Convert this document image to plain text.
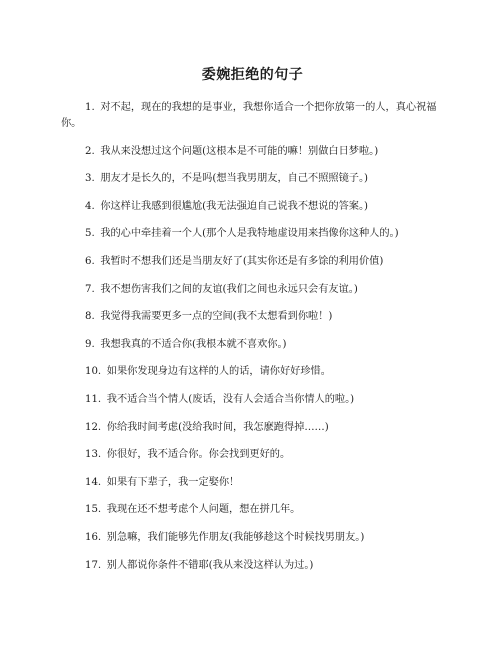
委婉拒绝的句子
1. 对不起，现在的我想的是事业，我想你适合一个把你放第一的人，真心祝福你。
2. 我从来没想过这个问题(这根本是不可能的嘛！别做白日梦啦。)
3. 朋友才是长久的，不是吗(想当我男朋友，自己不照照镜子。)
4. 你这样让我感到很尴尬(我无法强迫自己说我不想说的答案。)
5. 我的心中牵挂着一个人(那个人是我特地虚设用来挡像你这种人的。)
6. 我暂时不想我们还是当朋友好了(其实你还是有多馀的利用价值)
7. 我不想伤害我们之间的友谊(我们之间也永远只会有友谊。)
8. 我觉得我需要更多一点的空间(我不太想看到你啦！)
9. 我想我真的不适合你(我根本就不喜欢你。)
10. 如果你发现身边有这样的人的话，请你好好珍惜。
11. 我不适合当个情人(废话，没有人会适合当你情人的啦。)
12. 你给我时间考虑(没给我时间，我怎麽跑得掉……)
13. 你很好，我不适合你。你会找到更好的。
14. 如果有下辈子，我一定娶你！
15. 我现在还不想考虑个人问题，想在拼几年。
16. 别急嘛，我们能够先作朋友(我能够趁这个时候找男朋友。)
17. 别人都说你条件不错耶(我从来没这样认为过。)
